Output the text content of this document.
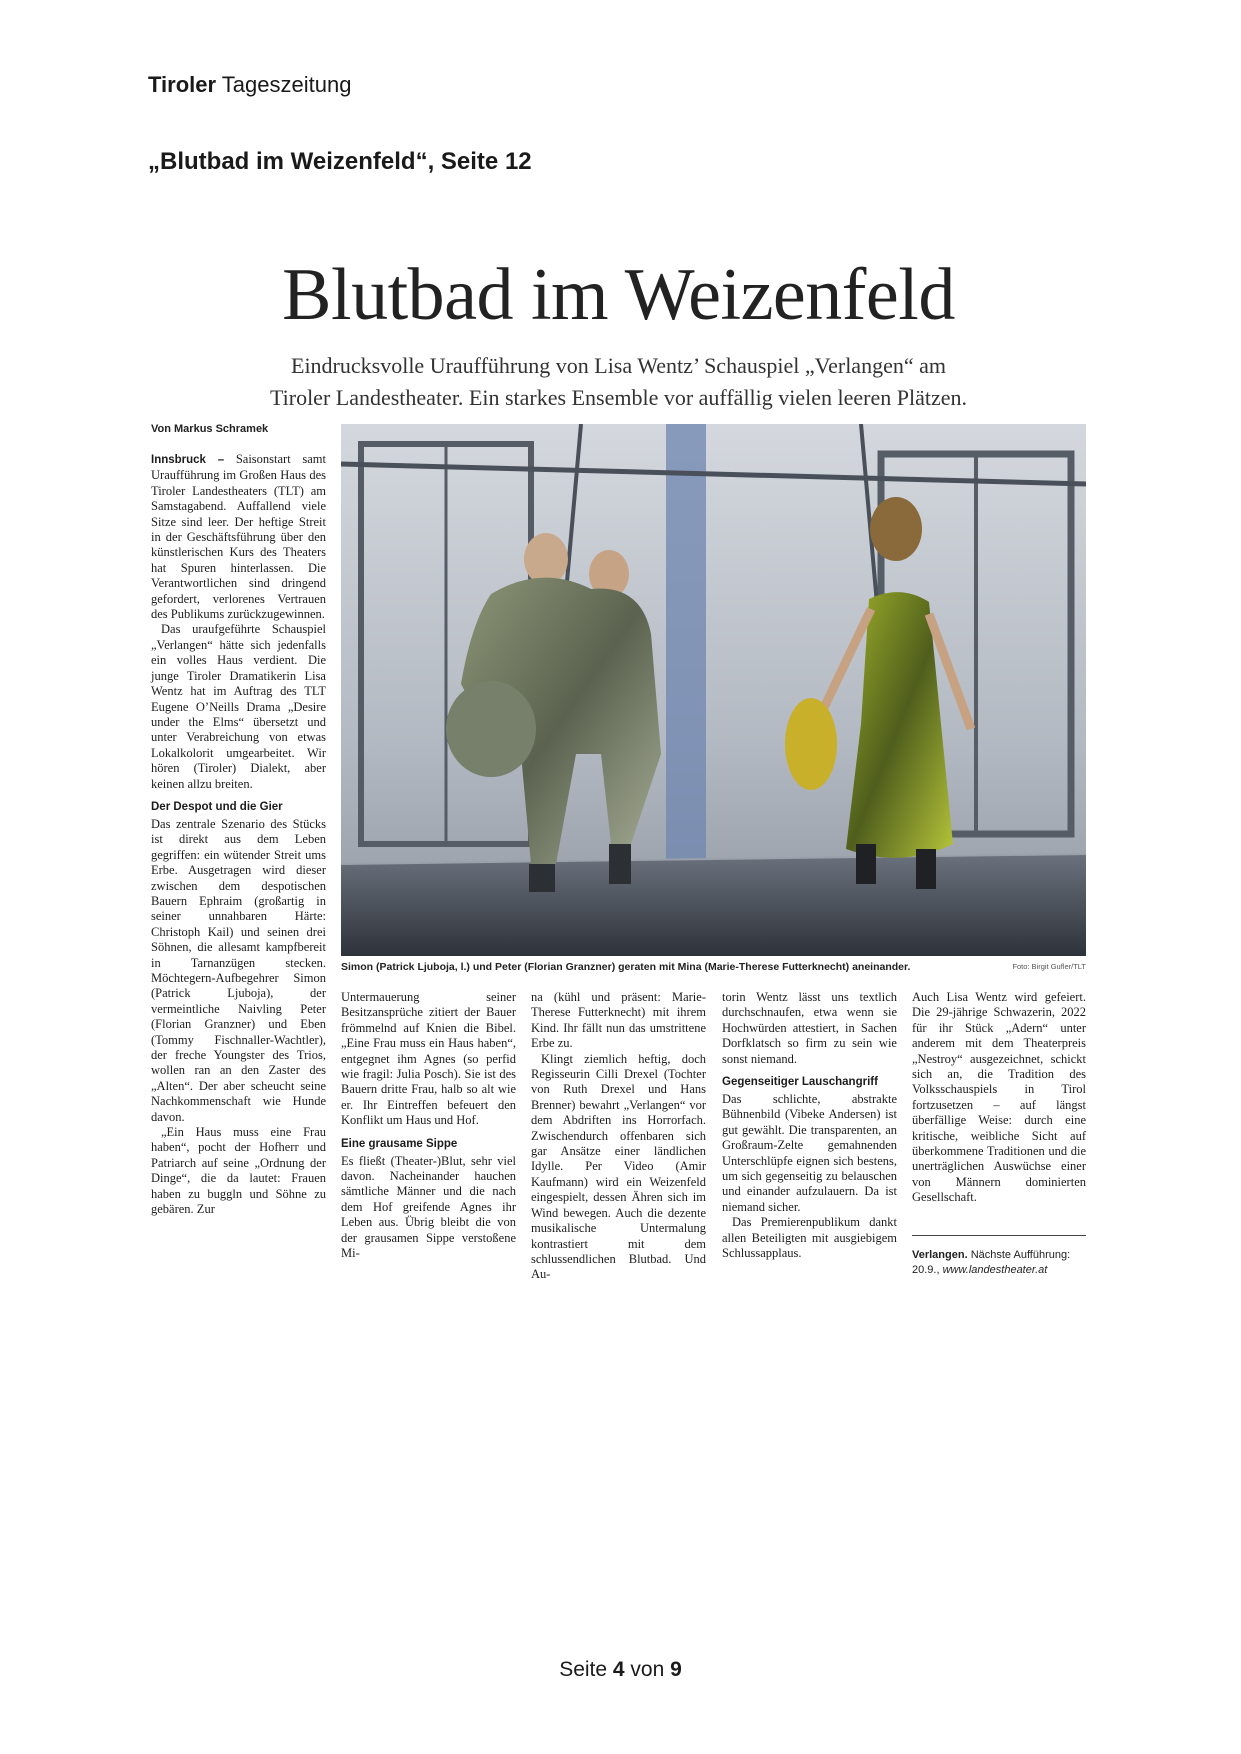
Tiroler Tageszeitung
„Blutbad im Weizenfeld“, Seite 12
Blutbad im Weizenfeld
Eindrucksvolle Uraufführung von Lisa Wentz’ Schauspiel „Verlangen“ am
Tiroler Landestheater. Ein starkes Ensemble vor auffällig vielen leeren Plätzen.
Von Markus Schramek
Simon (Patrick Ljuboja, l.) und Peter (Florian Granzner) geraten mit Mina (Marie-Therese Futterknecht) aneinander.	Foto: Birgit Gufler/TLT

Innsbruck – Saisonstart samt Uraufführung im Großen Haus des Tiroler Landestheaters (TLT) am Samstagabend. Auffallend viele Sitze sind leer. Der heftige Streit in der Geschäftsführung über den künstlerischen Kurs des Theaters hat Spuren hinterlassen. Die Verantwortlichen sind dringend gefordert, verlorenes Vertrauen des Publikums zurückzugewinnen.

Das uraufgeführte Schauspiel „Verlangen“ hätte sich jedenfalls ein volles Haus verdient. Die junge Tiroler Dramatikerin Lisa Wentz hat im Auftrag des TLT Eugene O’Neills Drama „Desire under the Elms“ übersetzt und unter Verabreichung von etwas Lokalkolorit umgearbeitet. Wir hören (Tiroler) Dialekt, aber keinen allzu breiten.

Der Despot und die Gier

Das zentrale Szenario des Stücks ist direkt aus dem Leben gegriffen: ein wütender Streit ums Erbe. Ausgetragen wird dieser zwischen dem despotischen Bauern Ephraim (großartig in seiner unnahbaren Härte: Christoph Kail) und seinen drei Söhnen, die allesamt kampfbereit in Tarnanzügen stecken. Möchtegern-Aufbegehrer Simon (Patrick Ljuboja), der vermeintliche Naivling Peter (Florian Granzner) und Eben (Tommy Fischnaller-Wachtler), der freche Youngster des Trios, wollen ran an den Zaster des „Alten“. Der aber scheucht seine Nachkommenschaft wie Hunde davon.

„Ein Haus muss eine Frau haben“, pocht der Hofherr und Patriarch auf seine „Ordnung der Dinge“, die da lautet: Frauen haben zu buggln und Söhne zu gebären. Zur

Untermauerung seiner Besitzansprüche zitiert der Bauer frömmelnd auf Knien die Bibel. „Eine Frau muss ein Haus haben“, entgegnet ihm Agnes (so perfid wie fragil: Julia Posch). Sie ist des Bauern dritte Frau, halb so alt wie er. Ihr Eintreffen befeuert den Konflikt um Haus und Hof.

Eine grausame Sippe

Es fließt (Theater-)Blut, sehr viel davon. Nacheinander hauchen sämtliche Männer und die nach dem Hof greifende Agnes ihr Leben aus. Übrig bleibt die von der grausamen Sippe verstoßene Mi-

na (kühl und präsent: Marie-Therese Futterknecht) mit ihrem Kind. Ihr fällt nun das umstrittene Erbe zu.

Klingt ziemlich heftig, doch Regisseurin Cilli Drexel (Tochter von Ruth Drexel und Hans Brenner) bewahrt „Verlangen“ vor dem Abdriften ins Horrorfach. Zwischendurch offenbaren sich gar Ansätze einer ländlichen Idylle. Per Video (Amir Kaufmann) wird ein Weizenfeld eingespielt, dessen Ähren sich im Wind bewegen. Auch die dezente musikalische Untermalung kontrastiert mit dem schlussendlichen Blutbad. Und Au-

torin Wentz lässt uns textlich durchschnaufen, etwa wenn sie Hochwürden attestiert, in Sachen Dorfklatsch so firm zu sein wie sonst niemand.

Gegenseitiger Lauschangriff

Das schlichte, abstrakte Bühnenbild (Vibeke Andersen) ist gut gewählt. Die transparenten, an Großraum-Zelte gemahnenden Unterschlüpfe eignen sich bestens, um sich gegenseitig zu belauschen und einander aufzulauern. Da ist niemand sicher.

Das Premierenpublikum dankt allen Beteiligten mit ausgiebigem Schlussapplaus.

Auch Lisa Wentz wird gefeiert. Die 29-jährige Schwazerin, 2022 für ihr Stück „Adern“ unter anderem mit dem Theaterpreis „Nestroy“ ausgezeichnet, schickt sich an, die Tradition des Volksschauspiels in Tirol fortzusetzen – auf längst überfällige Weise: durch eine kritische, weibliche Sicht auf überkommene Traditionen und die unerträglichen Auswüchse einer von Männern dominierten Gesellschaft.

Verlangen. Nächste Aufführung: 20.9., www.landestheater.at
Seite 4 von 9
